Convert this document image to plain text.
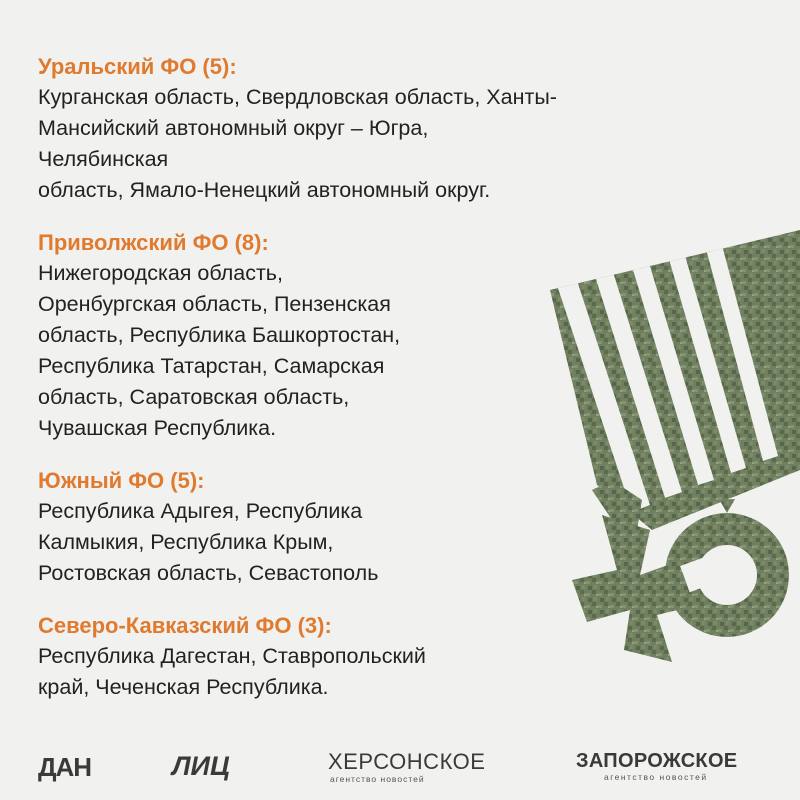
Уральский ФО (5):
Курганская область, Свердловская область, Ханты-
Мансийский автономный округ – Югра, Челябинская
область, Ямало-Ненецкий автономный округ.
Приволжский ФО (8):
Нижегородская область,
Оренбургская область, Пензенская
область, Республика Башкортостан,
Республика Татарстан, Самарская
область, Саратовская область,
Чувашская Республика.
Южный ФО (5):
Республика Адыгея, Республика
Калмыкия, Республика Крым,
Ростовская область, Севастополь
Северо-Кавказский ФО (3):
Республика Дагестан, Ставропольский
край, Чеченская Республика.
ДАН	ЛИЦ	ХЕРСОНСКОЕ
агентство новостей
ЗАПОРОЖСКОЕ
агентство новостей
